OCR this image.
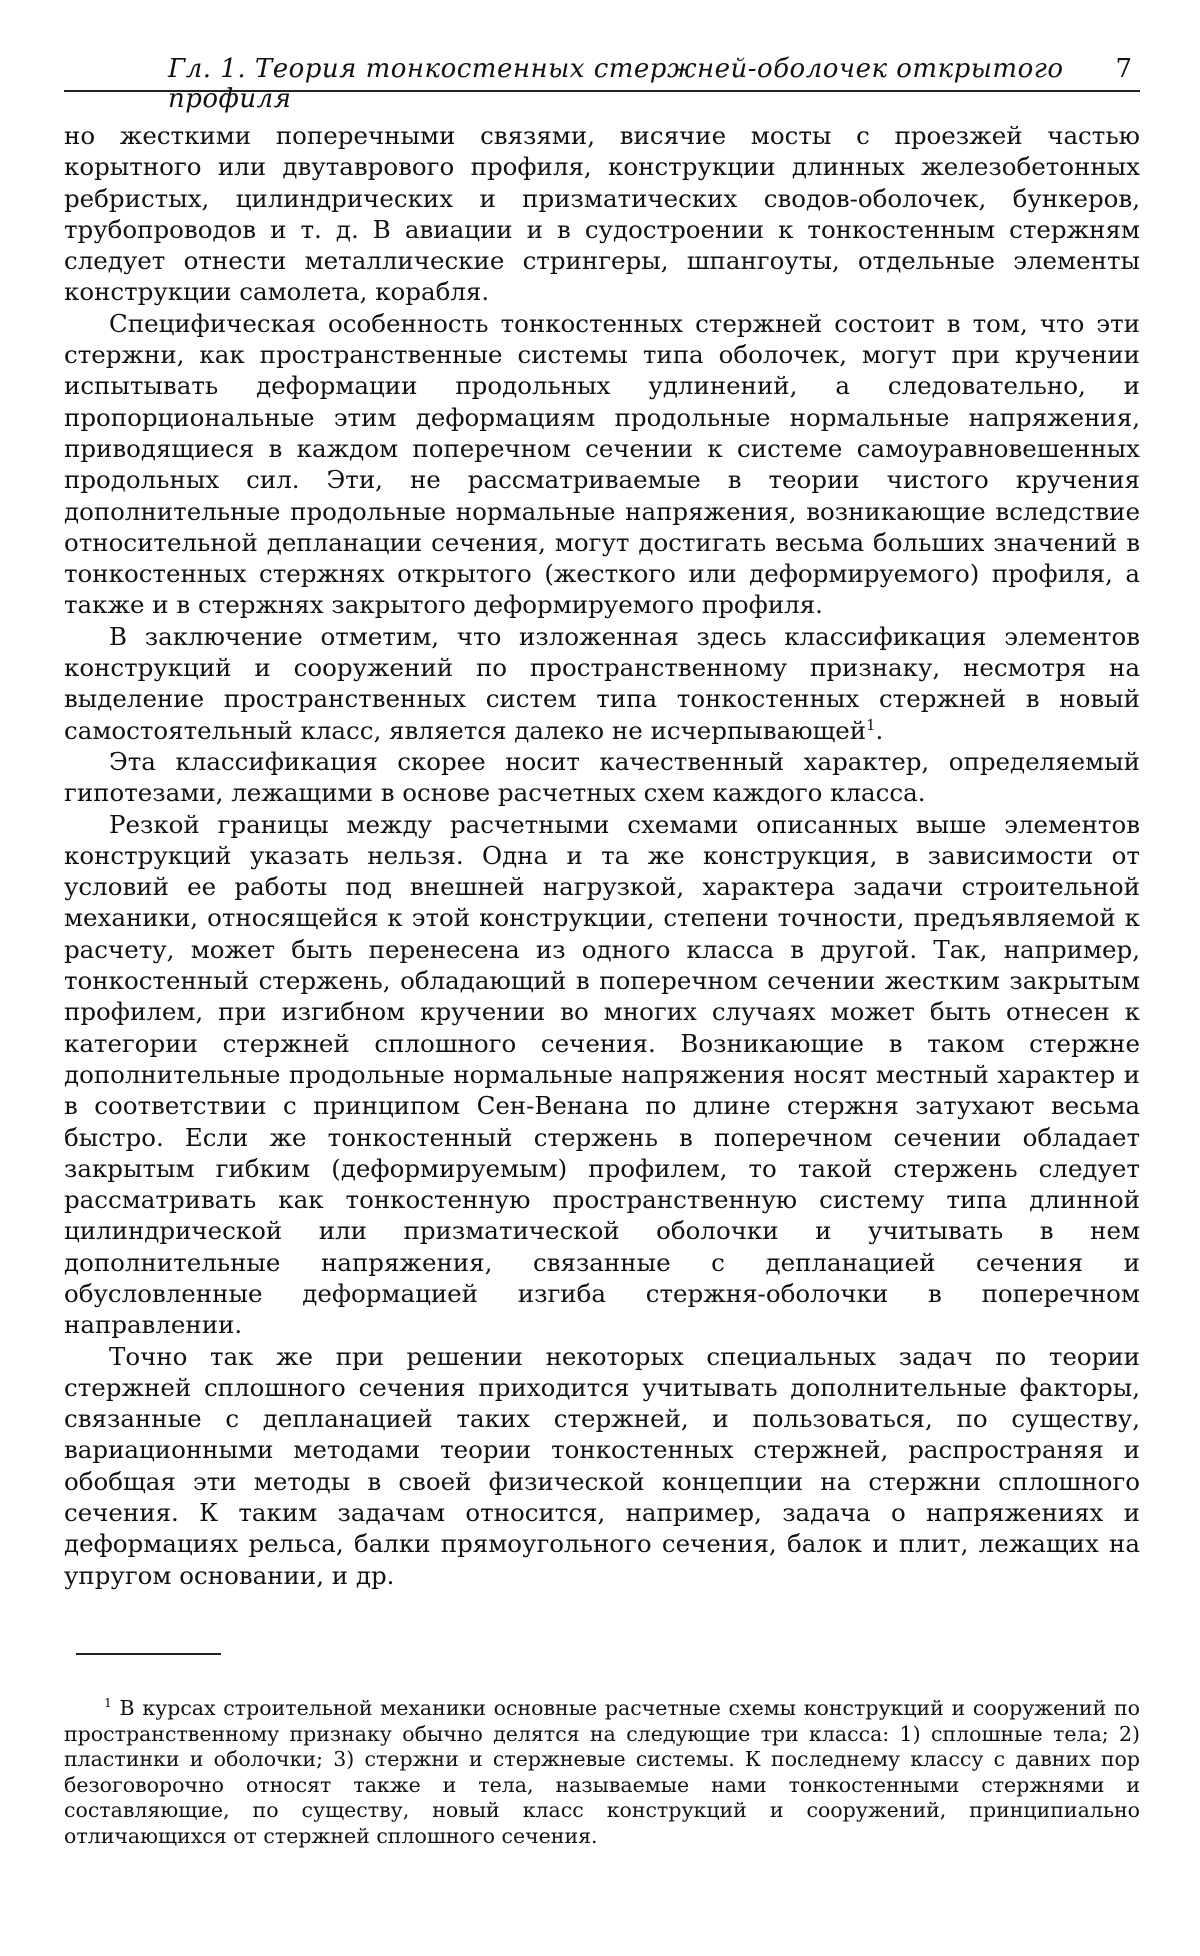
Гл. 1. Теория тонкостенных стержней-оболочек открытого профиля
7

но жесткими поперечными связями, висячие мосты с проезжей частью корытного или двутаврового профиля, конструкции длинных железобетонных ребристых, цилиндрических и призматических сводов-оболочек, бункеров, трубопроводов и т. д. В авиации и в судостроении к тонкостенным стержням следует отнести металлические стрингеры, шпангоуты, отдельные элементы конструкции самолета, корабля.

Специфическая особенность тонкостенных стержней состоит в том, что эти стержни, как пространственные системы типа оболочек, могут при кручении испытывать деформации продольных удлинений, а следовательно, и пропорциональные этим деформациям продольные нормальные напряжения, приводящиеся в каждом поперечном сечении к системе самоуравновешенных продольных сил. Эти, не рассматриваемые в теории чистого кручения дополнительные продольные нормальные напряжения, возникающие вследствие относительной депланации сечения, могут достигать весьма больших значений в тонкостенных стержнях открытого (жесткого или деформируемого) профиля, а также и в стержнях закрытого деформируемого профиля.

В заключение отметим, что изложенная здесь классификация элементов конструкций и сооружений по пространственному признаку, несмотря на выделение пространственных систем типа тонкостенных стержней в новый самостоятельный класс, является далеко не исчерпывающей$^1$.

Эта классификация скорее носит качественный характер, определяемый гипотезами, лежащими в основе расчетных схем каждого класса.

Резкой границы между расчетными схемами описанных выше элементов конструкций указать нельзя. Одна и та же конструкция, в зависимости от условий ее работы под внешней нагрузкой, характера задачи строительной механики, относящейся к этой конструкции, степени точности, предъявляемой к расчету, может быть перенесена из одного класса в другой. Так, например, тонкостенный стержень, обладающий в поперечном сечении жестким закрытым профилем, при изгибном кручении во многих случаях может быть отнесен к категории стержней сплошного сечения. Возникающие в таком стержне дополнительные продольные нормальные напряжения носят местный характер и в соответствии с принципом Сен-Венана по длине стержня затухают весьма быстро. Если же тонкостенный стержень в поперечном сечении обладает закрытым гибким (деформируемым) профилем, то такой стержень следует рассматривать как тонкостенную пространственную систему типа длинной цилиндрической или призматической оболочки и учитывать в нем дополнительные напряжения, связанные с депланацией сечения и обусловленные деформацией изгиба стержня-оболочки в поперечном направлении.

Точно так же при решении некоторых специальных задач по теории стержней сплошного сечения приходится учитывать дополнительные факторы, связанные с депланацией таких стержней, и пользоваться, по существу, вариационными методами теории тонкостенных стержней, распространяя и обобщая эти методы в своей физической концепции на стержни сплошного сечения. К таким задачам относится, например, задача о напряжениях и деформациях рельса, балки прямоугольного сечения, балок и плит, лежащих на упругом основании, и др.

$^1$ В курсах строительной механики основные расчетные схемы конструкций и сооружений по пространственному признаку обычно делятся на следующие три класса: 1) сплошные тела; 2) пластинки и оболочки; 3) стержни и стержневые системы. К последнему классу с давних пор безоговорочно относят также и тела, называемые нами тонкостенными стержнями и составляющие, по существу, новый класс конструкций и сооружений, принципиально отличающихся от стержней сплошного сечения.
